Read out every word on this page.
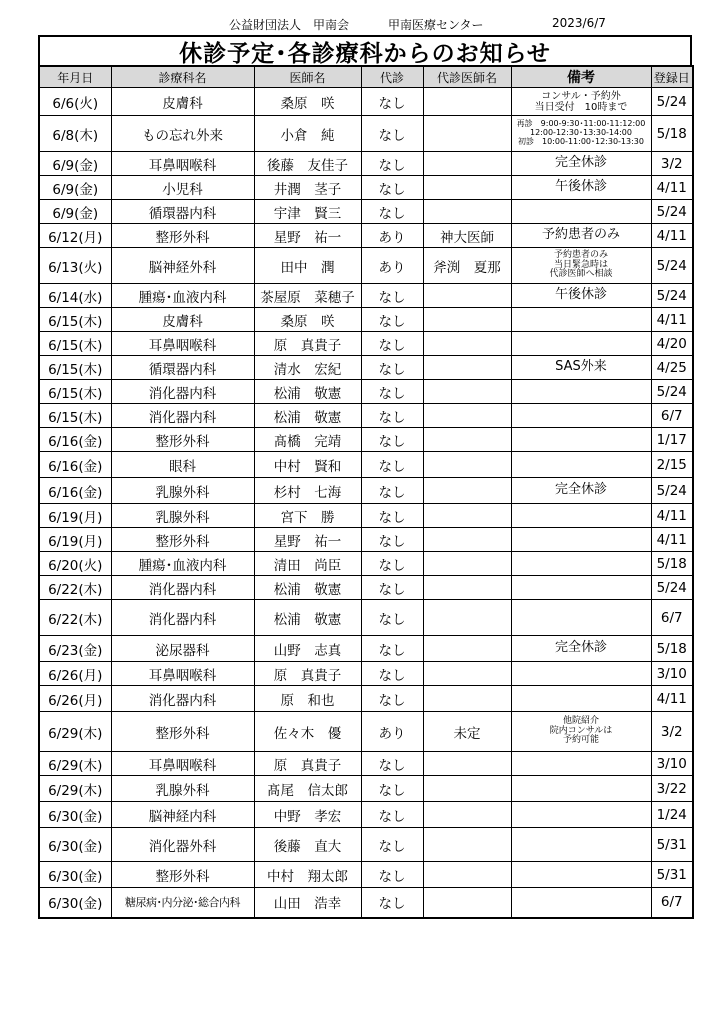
公益財団法人　甲南会	甲南医療センター	2023/6/7
休診予定･各診療科からのお知らせ
年月日	診療科名	医師名	代診	代診医師名	備考	登録日
6/6(火)	皮膚科	桑原　咲	なし		コンサル・予約外
当日受付　10時まで	5/24
6/8(木)	もの忘れ外来	小倉　純	なし		再診　9:00-9:30･11:00-11:12:00
12:00-12:30･13:30-14:00
初診　10:00-11:00･12:30-13:30	5/18
6/9(金)	耳鼻咽喉科	後藤　友佳子	なし		完全休診	3/2
6/9(金)	小児科	井潤　茎子	なし		午後休診	4/11
6/9(金)	循環器内科	宇津　賢三	なし			5/24
6/12(月)	整形外科	星野　祐一	あり	神大医師	予約患者のみ	4/11
6/13(火)	脳神経外科	田中　潤	あり	斧渕　夏那	予約患者のみ
当日緊急時は
代診医師へ相談	5/24
6/14(水)	腫瘍･血液内科	茶屋原　菜穂子	なし		午後休診	5/24
6/15(木)	皮膚科	桑原　咲	なし			4/11
6/15(木)	耳鼻咽喉科	原　真貴子	なし			4/20
6/15(木)	循環器内科	清水　宏紀	なし		SAS外来	4/25
6/15(木)	消化器内科	松浦　敬憲	なし			5/24
6/15(木)	消化器内科	松浦　敬憲	なし			6/7
6/16(金)	整形外科	髙橋　完靖	なし			1/17
6/16(金)	眼科	中村　賢和	なし			2/15
6/16(金)	乳腺外科	杉村　七海	なし		完全休診	5/24
6/19(月)	乳腺外科	宮下　勝	なし			4/11
6/19(月)	整形外科	星野　祐一	なし			4/11
6/20(火)	腫瘍･血液内科	清田　尚臣	なし			5/18
6/22(木)	消化器内科	松浦　敬憲	なし			5/24
6/22(木)	消化器内科	松浦　敬憲	なし			6/7
6/23(金)	泌尿器科	山野　志真	なし		完全休診	5/18
6/26(月)	耳鼻咽喉科	原　真貴子	なし			3/10
6/26(月)	消化器内科	原　和也	なし			4/11
6/29(木)	整形外科	佐々木　優	あり	未定	他院紹介
院内コンサルは
予約可能	3/2
6/29(木)	耳鼻咽喉科	原　真貴子	なし			3/10
6/29(木)	乳腺外科	髙尾　信太郎	なし			3/22
6/30(金)	脳神経内科	中野　孝宏	なし			1/24
6/30(金)	消化器外科	後藤　直大	なし			5/31
6/30(金)	整形外科	中村　翔太郎	なし			5/31
6/30(金)	糖尿病･内分泌･総合内科	山田　浩幸	なし			6/7
